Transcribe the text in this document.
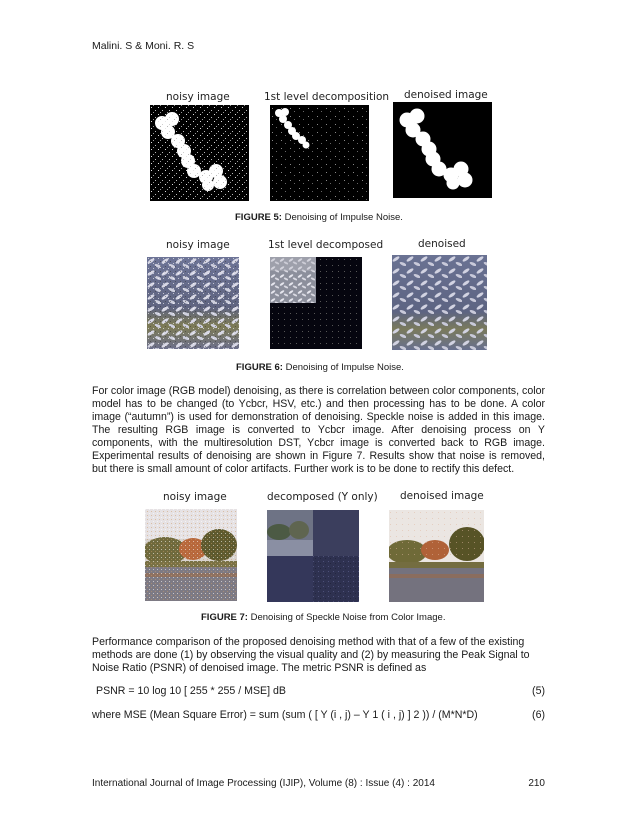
Malini. S & Moni. R. S
noisy image	1st level decomposition denoised image
FIGURE 5: Denoising of Impulse Noise.
noisy image	1st level decomposed	denoised
FIGURE 6: Denoising of Impulse Noise.
For color image (RGB model) denoising, as there is correlation between color components, color model has to be changed (to Ycbcr, HSV, etc.) and then processing has to be done. A color image (“autumn”) is used for demonstration of denoising. Speckle noise is added in this image. The resulting RGB image is converted to Ycbcr image. After denoising process on Y components, with the multiresolution DST, Ycbcr image is converted back to RGB image. Experimental results of denoising are shown in Figure 7. Results show that noise is removed, but there is small amount of color artifacts. Further work is to be done to rectify this defect.
noisy image	decomposed (Y only) denoised image
FIGURE 7: Denoising of Speckle Noise from Color Image.
Performance comparison of the proposed denoising method with that of a few of the existing methods are done (1) by observing the visual quality and (2) by measuring the Peak Signal to Noise Ratio (PSNR) of denoised image. The metric PSNR is defined as
PSNR = 10 log 10 [ 255 * 255 / MSE] dB	(5)
where MSE (Mean Square Error) = sum (sum ( [ Y (i , j) – Y 1 ( i , j) ] 2 )) / (M*N*D)	(6)
International Journal of Image Processing (IJIP), Volume (8) : Issue (4) : 2014	210
